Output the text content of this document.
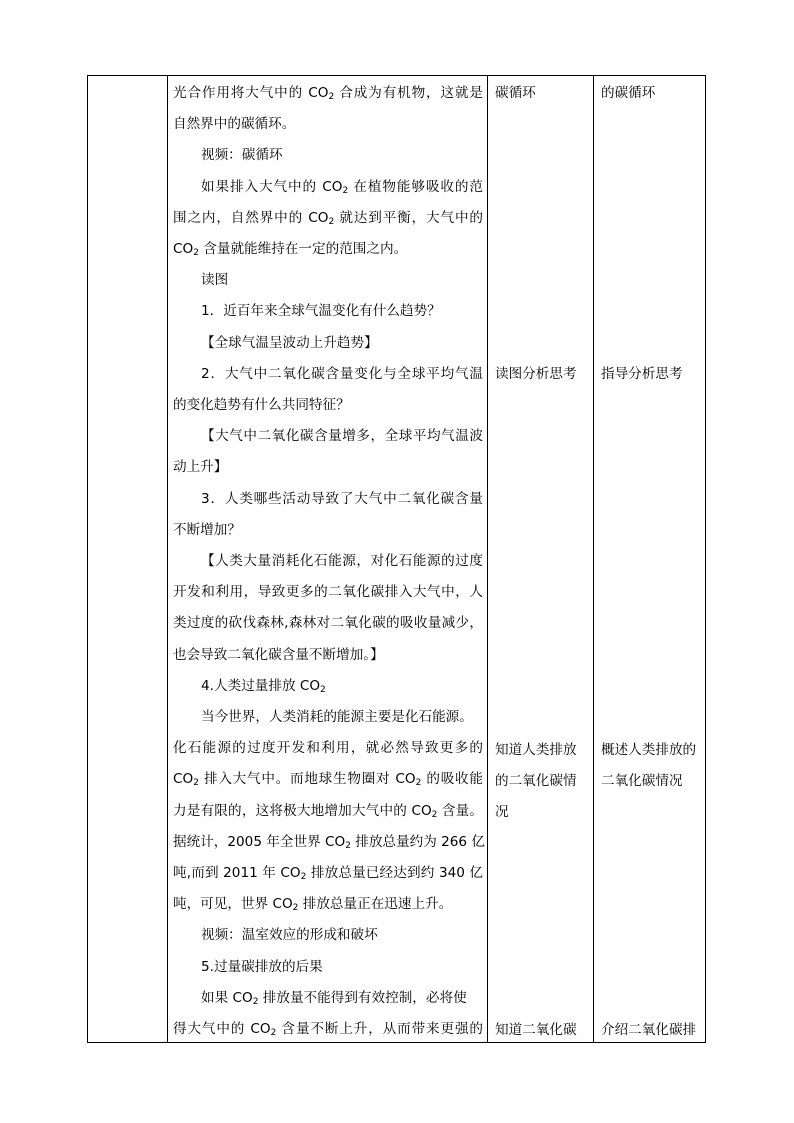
光合作用将大气中的 $CO_2$ 合成为有机物，这就是
自然界中的碳循环。
视频：碳循环
如果排入大气中的 $CO_2$ 在植物能够吸收的范
围之内，自然界中的 $CO_2$ 就达到平衡，大气中的
$CO_2$ 含量就能维持在一定的范围之内。
读图
1．近百年来全球气温变化有什么趋势？
【全球气温呈波动上升趋势】
2．大气中二氧化碳含量变化与全球平均气温
的变化趋势有什么共同特征？
【大气中二氧化碳含量增多，全球平均气温波
动上升】
3．人类哪些活动导致了大气中二氧化碳含量
不断增加？
【人类大量消耗化石能源，对化石能源的过度
开发和利用，导致更多的二氧化碳排入大气中，人
类过度的砍伐森林,森林对二氧化碳的吸收量减少，
也会导致二氧化碳含量不断增加。】
4.人类过量排放 $CO_2$
当今世界，人类消耗的能源主要是化石能源。
化石能源的过度开发和利用，就必然导致更多的
$CO_2$ 排入大气中。而地球生物圈对 $CO_2$ 的吸收能
力是有限的，这将极大地增加大气中的 $CO_2$ 含量。
据统计，2005 年全世界 $CO_2$ 排放总量约为 266 亿
吨,而到 2011 年 $CO_2$ 排放总量已经达到约 340 亿
吨，可见，世界 $CO_2$ 排放总量正在迅速上升。
视频：温室效应的形成和破坏
5.过量碳排放的后果
如果 $CO_2$ 排放量不能得到有效控制，必将使
得大气中的 $CO_2$ 含量不断上升，从而带来更强的
碳循环
读图分析思考
知道人类排放
的二氧化碳情
况
知道二氧化碳
的碳循环
指导分析思考
概述人类排放的
二氧化碳情况
介绍二氧化碳排
